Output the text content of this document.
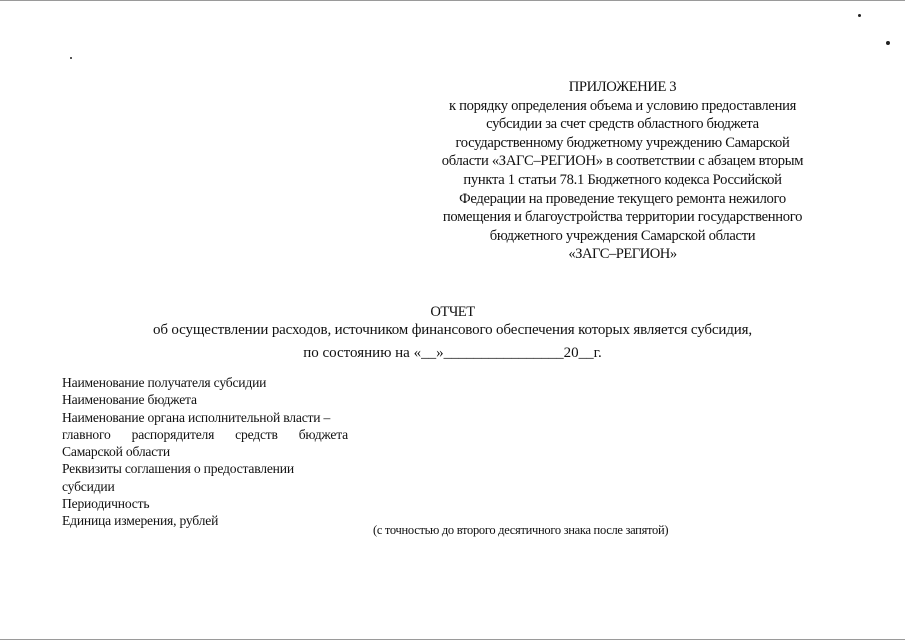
ПРИЛОЖЕНИЕ 3
к порядку определения объема и условию предоставления
субсидии за счет средств областного бюджета
государственному бюджетному учреждению Самарской
области «ЗАГС–РЕГИОН» в соответствии с абзацем вторым
пункта 1 статьи 78.1 Бюджетного кодекса Российской
Федерации на проведение текущего ремонта нежилого
помещения и благоустройства территории государственного
бюджетного учреждения Самарской области
«ЗАГС–РЕГИОН»
ОТЧЕТ
об осуществлении расходов, источником финансового обеспечения которых является субсидия,
по состоянию на «__»________________20__г.
Наименование получателя субсидии
Наименование бюджета
Наименование органа исполнительной власти –
главного распорядителя средств бюджета
Самарской области
Реквизиты соглашения о предоставлении
субсидии
Периодичность
Единица измерения, рублей
(с точностью до второго десятичного знака после запятой)
